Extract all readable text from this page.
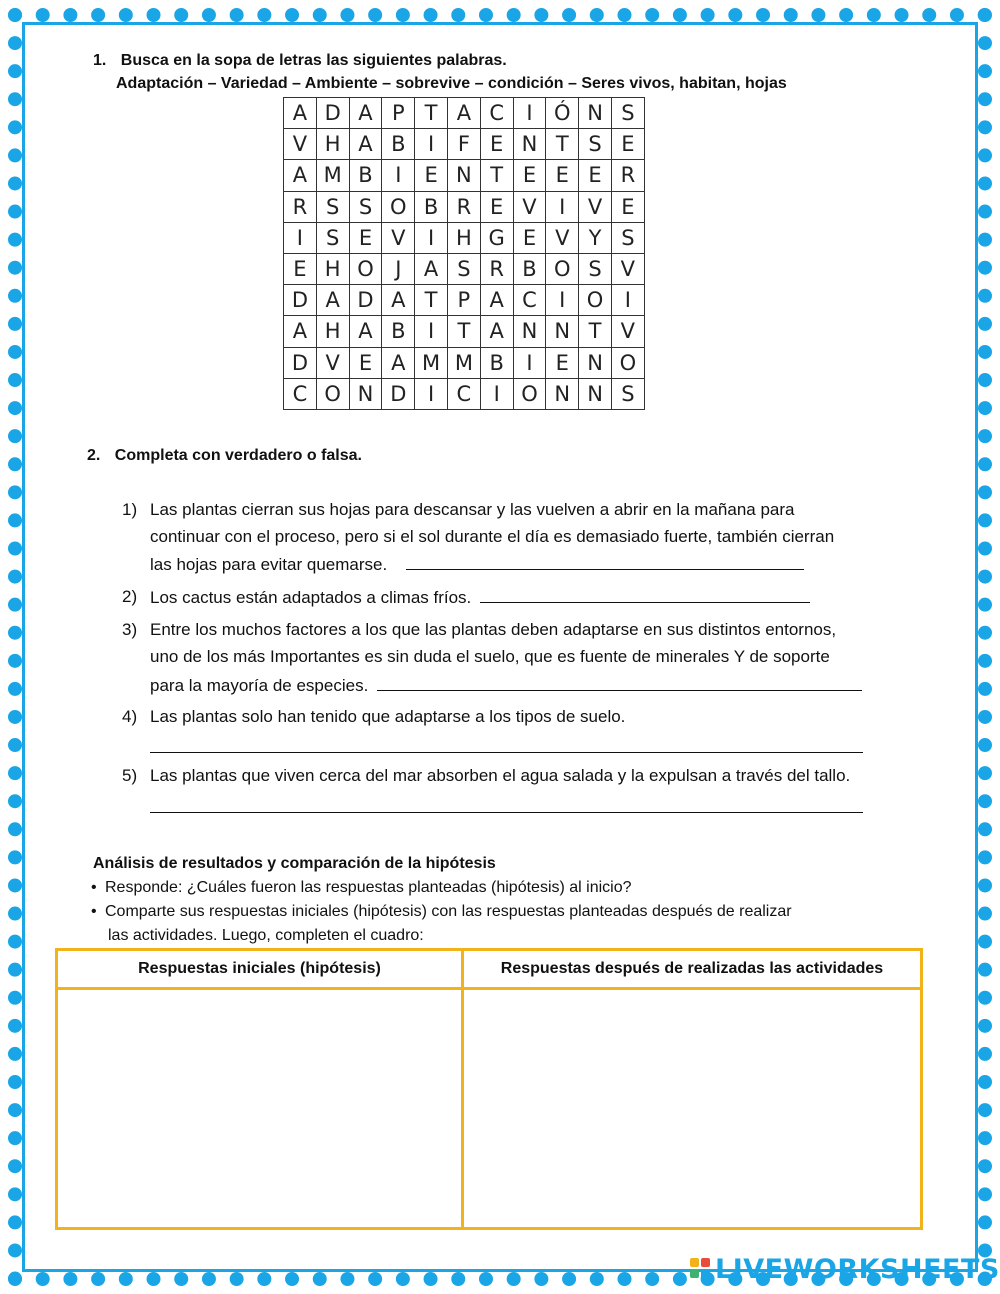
1. Busca en la sopa de letras las siguientes palabras.
Adaptación – Variedad – Ambiente – sobrevive – condición – Seres vivos, habitan, hojas
A	D	A	P	T	A	C	I	Ó	N	S
V	H	A	B	I	F	E	N	T	S	E
A	M	B	I	E	N	T	E	E	E	R
R	S	S	O	B	R	E	V	I	V	E
I	S	E	V	I	H	G	E	V	Y	S
E	H	O	J	A	S	R	B	O	S	V
D	A	D	A	T	P	A	C	I	O	I
A	H	A	B	I	T	A	N	N	T	V
D	V	E	A	M	M	B	I	E	N	O
C	O	N	D	I	C	I	O	N	N	S
2. Completa con verdadero o falsa.
1) Las plantas cierran sus hojas para descansar y las vuelven a abrir en la mañana para
continuar con el proceso, pero si el sol durante el día es demasiado fuerte, también cierran
las hojas para evitar quemarse.
2) Los cactus están adaptados a climas fríos.
3) Entre los muchos factores a los que las plantas deben adaptarse en sus distintos entornos,
uno de los más Importantes es sin duda el suelo, que es fuente de minerales Y de soporte
para la mayoría de especies.
4) Las plantas solo han tenido que adaptarse a los tipos de suelo.
5) Las plantas que viven cerca del mar absorben el agua salada y la expulsan a través del tallo.
Análisis de resultados y comparación de la hipótesis
• Responde: ¿Cuáles fueron las respuestas planteadas (hipótesis) al inicio?
• Comparte sus respuestas iniciales (hipótesis) con las respuestas planteadas después de realizar
las actividades. Luego, completen el cuadro:
Respuestas iniciales (hipótesis)	Respuestas después de realizadas las actividades

LIVEWORKSHEETS
